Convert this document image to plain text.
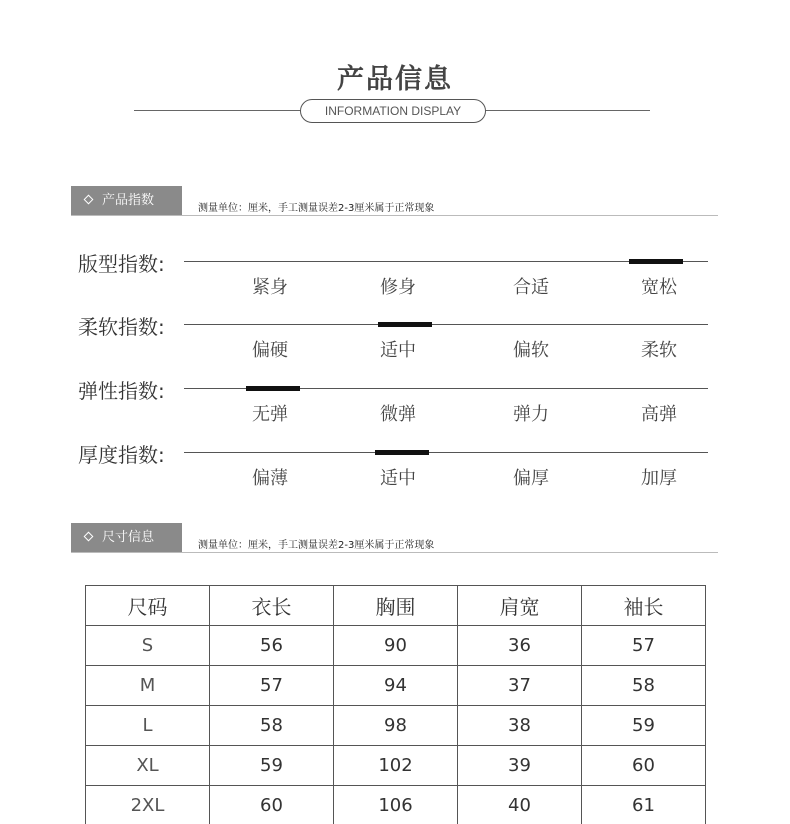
产品信息
INFORMATION DISPLAY
产品指数
测量单位：厘米，手工测量误差2-3厘米属于正常现象
版型指数:
紧身	修身	合适	宽松
柔软指数:
偏硬	适中	偏软	柔软
弹性指数:
无弹	微弹	弹力	高弹
厚度指数:
偏薄	适中	偏厚	加厚
尺寸信息
测量单位：厘米，手工测量误差2-3厘米属于正常现象
尺码	衣长	胸围	肩宽	袖长
S	56	90	36	57
M	57	94	37	58
L	58	98	38	59
XL	59	102	39	60
2XL	60	106	40	61
